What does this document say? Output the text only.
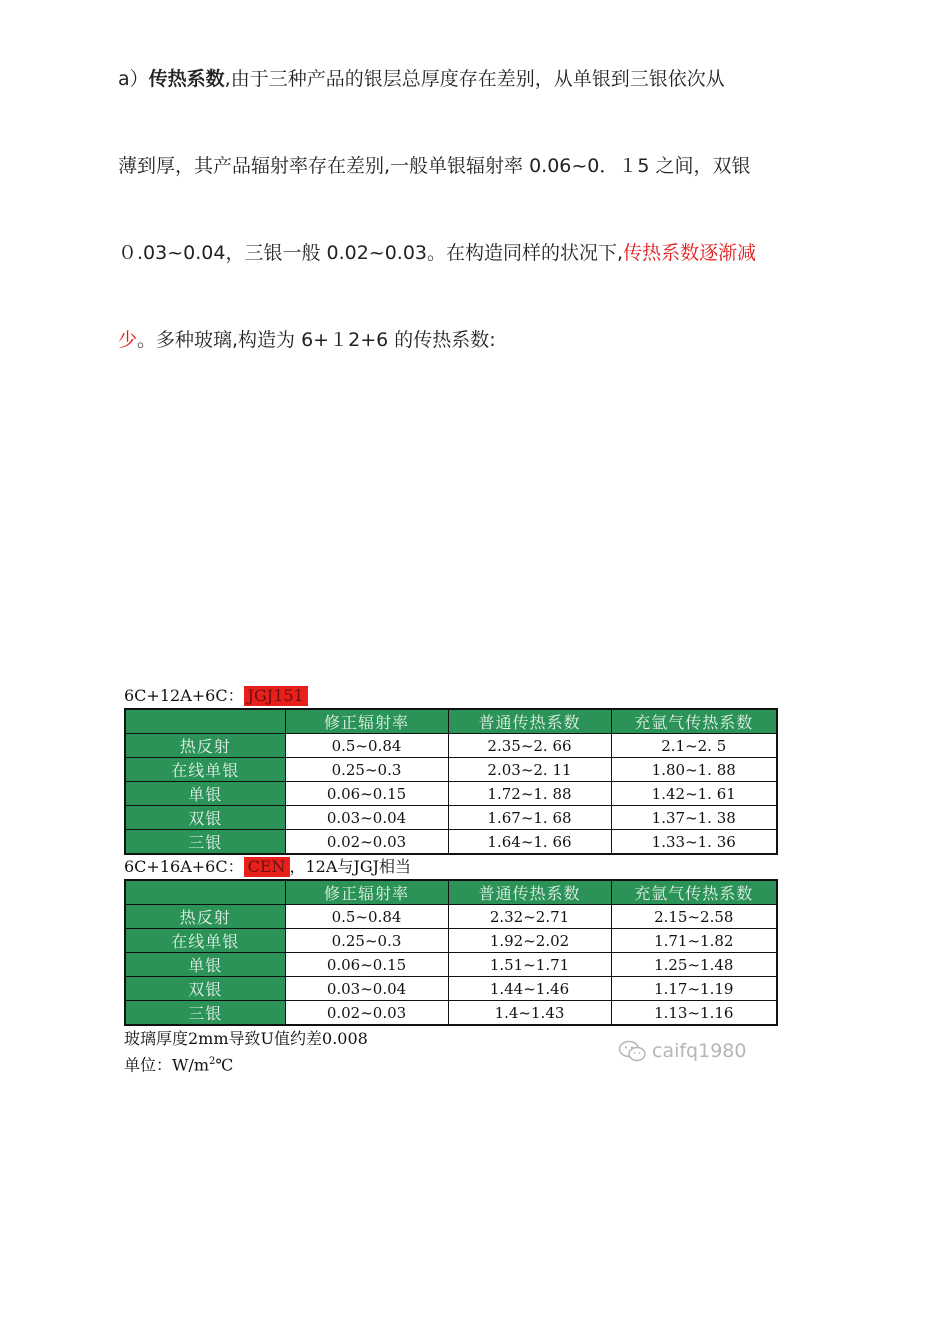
a）传热系数,由于三种产品的银层总厚度存在差别，从单银到三银依次从

薄到厚，其产品辐射率存在差别,一般单银辐射率 0.06~0．１5 之间，双银

０.03~0.04，三银一般 0.02~0.03。在构造同样的状况下,传热系数逐渐减

少。多种玻璃,构造为 6+１2+6 的传热系数:

6C+12A+6C： JGJ151
	修正辐射率	普通传热系数	充氩气传热系数
热反射	0.5~0.84	2.35~2. 66	2.1~2. 5
在线单银	0.25~0.3	2.03~2. 11	1.80~1. 88
单银	0.06~0.15	1.72~1. 88	1.42~1. 61
双银	0.03~0.04	1.67~1. 68	1.37~1. 38
三银	0.02~0.03	1.64~1. 66	1.33~1. 36
6C+16A+6C： CEN ，12A与JGJ相当
	修正辐射率	普通传热系数	充氩气传热系数
热反射	0.5~0.84	2.32~2.71	2.15~2.58
在线单银	0.25~0.3	1.92~2.02	1.71~1.82
单银	0.06~0.15	1.51~1.71	1.25~1.48
双银	0.03~0.04	1.44~1.46	1.17~1.19
三银	0.02~0.03	1.4~1.43	1.13~1.16
玻璃厚度2mm导致U值约差0.008
单位：$W/m^2℃$
caifq1980
